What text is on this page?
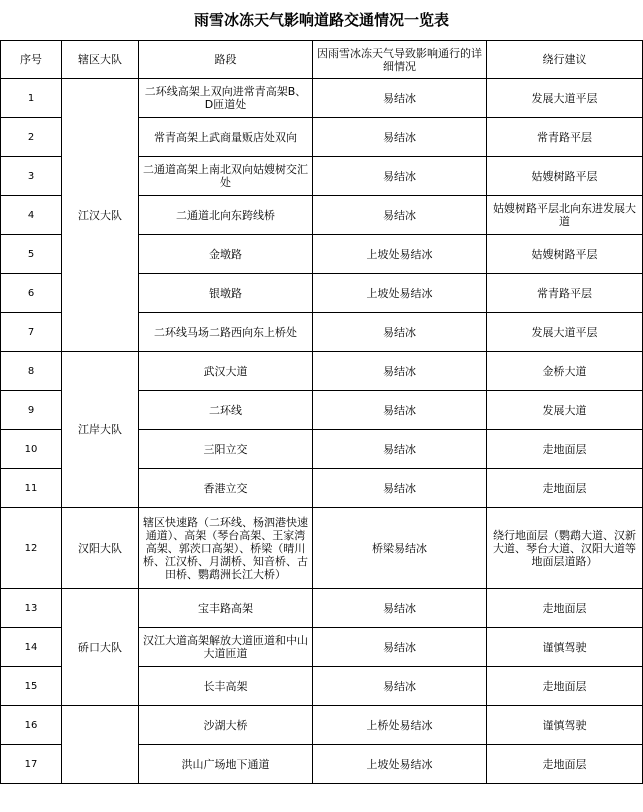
雨雪冰冻天气影响道路交通情况一览表
序号	辖区大队	路段	因雨雪冰冻天气导致影响通行的详细情况	绕行建议
1	江汉大队	二环线高架上双向进常青高架B、D匝道处	易结冰	发展大道平层
2		常青高架上武商量贩店处双向	易结冰	常青路平层
3		二通道高架上南北双向姑嫂树交汇处	易结冰	姑嫂树路平层
4		二通道北向东跨线桥	易结冰	姑嫂树路平层北向东进发展大道
5		金墩路	上坡处易结冰	姑嫂树路平层
6		银墩路	上坡处易结冰	常青路平层
7		二环线马场二路西向东上桥处	易结冰	发展大道平层
8	江岸大队	武汉大道	易结冰	金桥大道
9		二环线	易结冰	发展大道
10		三阳立交	易结冰	走地面层
11		香港立交	易结冰	走地面层
12	汉阳大队	辖区快速路（二环线、杨泗港快速通道）、高架（琴台高架、王家湾高架、郭茨口高架）、桥梁（晴川桥、江汉桥、月湖桥、知音桥、古田桥、鹦鹉洲长江大桥）	桥梁易结冰	绕行地面层（鹦鹉大道、汉新大道、琴台大道、汉阳大道等地面层道路）
13	硚口大队	宝丰路高架	易结冰	走地面层
14		汉江大道高架解放大道匝道和中山大道匝道	易结冰	谨慎驾驶
15		长丰高架	易结冰	走地面层
16		沙湖大桥	上桥处易结冰	谨慎驾驶
17		洪山广场地下通道	上坡处易结冰	走地面层
